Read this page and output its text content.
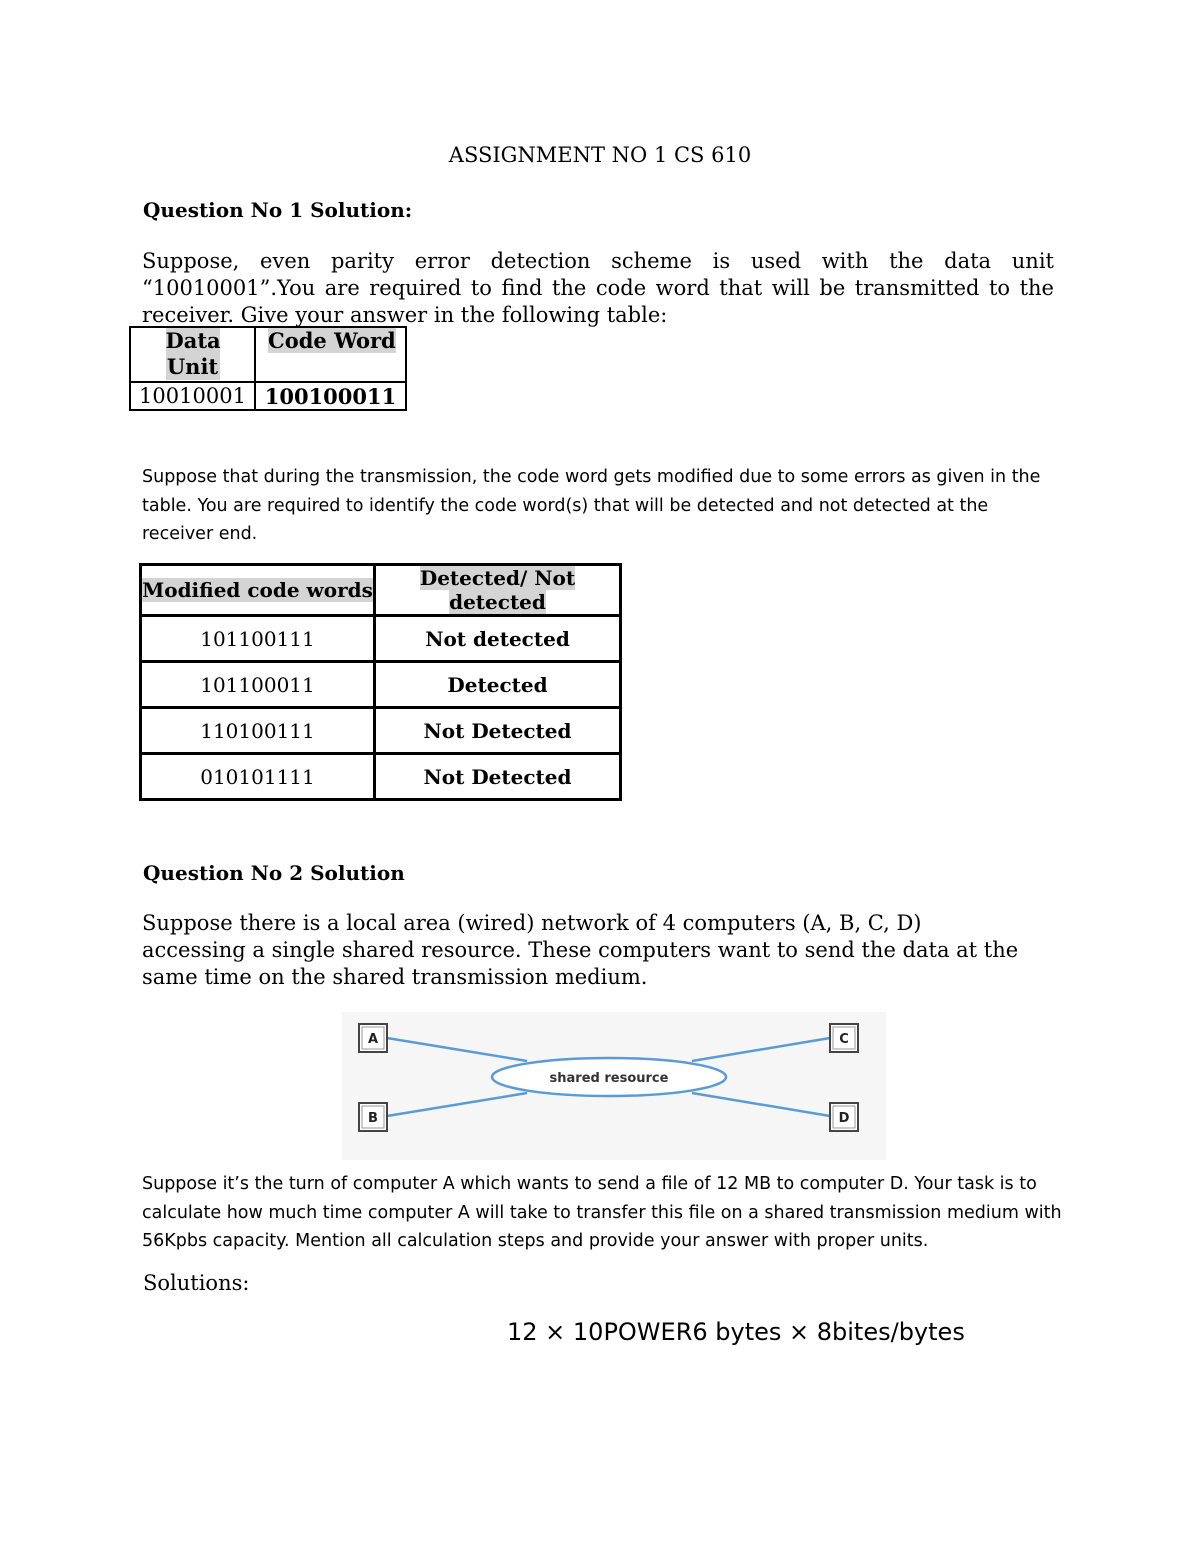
ASSIGNMENT NO 1 CS 610
Question No 1 Solution:
Suppose, even parity error detection scheme is used with the data unit “10010001”.You are required to find the code word that will be transmitted to the receiver. Give your answer in the following table:
Data Unit	Code Word
10010001	100100011
Suppose that during the transmission, the code word gets modified due to some errors as given in the table. You are required to identify the code word(s) that will be detected and not detected at the receiver end.
Modified code words	Detected/ Not detected
101100111	Not detected
101100011	Detected
110100111	Not Detected
010101111	Not Detected
Question No 2 Solution
Suppose there is a local area (wired) network of 4 computers (A, B, C, D) accessing a single shared resource. These computers want to send the data at the same time on the shared transmission medium.
shared resource
A
B
C
D
Suppose it’s the turn of computer A which wants to send a file of 12 MB to computer D. Your task is to calculate how much time computer A will take to transfer this file on a shared transmission medium with 56Kpbs capacity. Mention all calculation steps and provide your answer with proper units.
Solutions:
12 × 10POWER6 bytes × 8bites/bytes
